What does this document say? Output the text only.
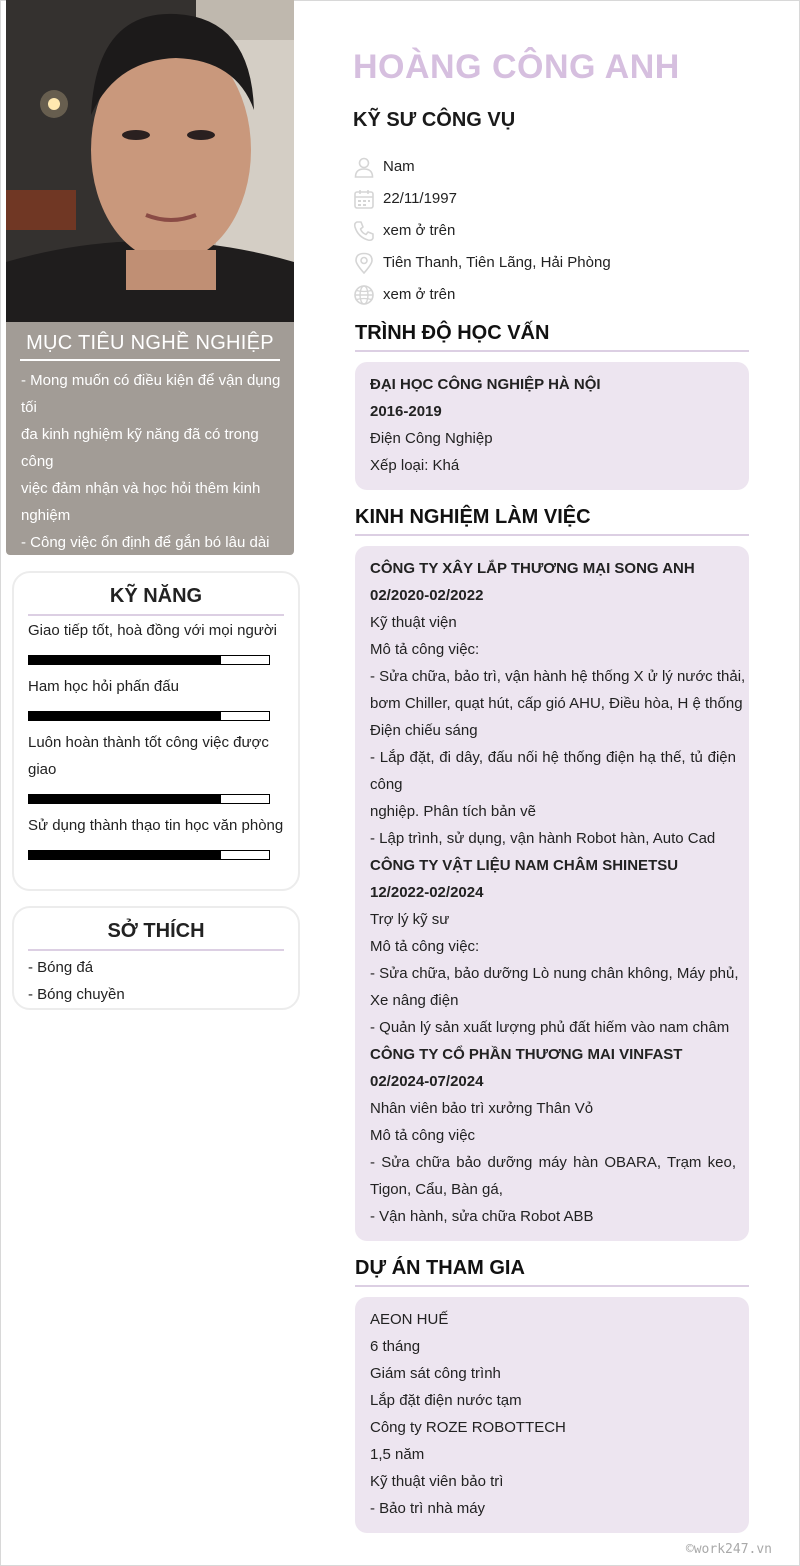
MỤC TIÊU NGHỀ NGHIỆP
- Mong muốn có điều kiện để vận dụng
tối
đa kinh nghiệm kỹ năng đã có trong
công
việc đảm nhận và học hỏi thêm kinh
nghiệm
- Công việc ổn định để gắn bó lâu dài
KỸ NĂNG
Giao tiếp tốt, hoà đồng với mọi người
Ham học hỏi phấn đấu
Luôn hoàn thành tốt công việc được
giao
Sử dụng thành thạo tin học văn phòng
SỞ THÍCH
- Bóng đá
- Bóng chuyền
HOÀNG CÔNG ANH
KỸ SƯ CÔNG VỤ
Nam
22/11/1997
xem ở trên
Tiên Thanh, Tiên Lãng, Hải Phòng
xem ở trên
TRÌNH ĐỘ HỌC VẤN
ĐẠI HỌC CÔNG NGHIỆP HÀ NỘI
2016-2019
Điện Công Nghiệp
Xếp loại: Khá
KINH NGHIỆM LÀM VIỆC
CÔNG TY XÂY LẮP THƯƠNG MẠI SONG ANH
02/2020-02/2022
Kỹ thuật viện
Mô tả công việc:
- Sửa chữa, bảo trì, vận hành hệ thống X ử lý nước thải,
bơm Chiller, quạt hút, cấp gió AHU, Điều hòa, H ệ thống
Điện chiếu sáng
- Lắp đặt, đi dây, đấu nối hệ thống điện hạ thế, tủ điện
công
nghiệp. Phân tích bản vẽ
- Lập trình, sử dụng, vận hành Robot hàn, Auto Cad
CÔNG TY VẬT LIỆU NAM CHÂM SHINETSU
12/2022-02/2024
Trợ lý kỹ sư
Mô tả công việc:
- Sửa chữa, bảo dưỡng Lò nung chân không, Máy phủ,
Xe nâng điện
- Quản lý sản xuất lượng phủ đất hiếm vào nam châm
CÔNG TY CỔ PHẦN THƯƠNG MAI VINFAST
02/2024-07/2024
Nhân viên bảo trì xưởng Thân Vỏ
Mô tả công việc
- Sửa chữa bảo dưỡng máy hàn OBARA, Trạm keo,
Tigon, Cẩu, Bàn gá,
- Vận hành, sửa chữa Robot ABB
DỰ ÁN THAM GIA
AEON HUẾ
6 tháng
Giám sát công trình
Lắp đặt điện nước tạm
Công ty ROZE ROBOTTECH
1,5 năm
Kỹ thuật viên bảo trì
- Bảo trì nhà máy
©work247.vn
